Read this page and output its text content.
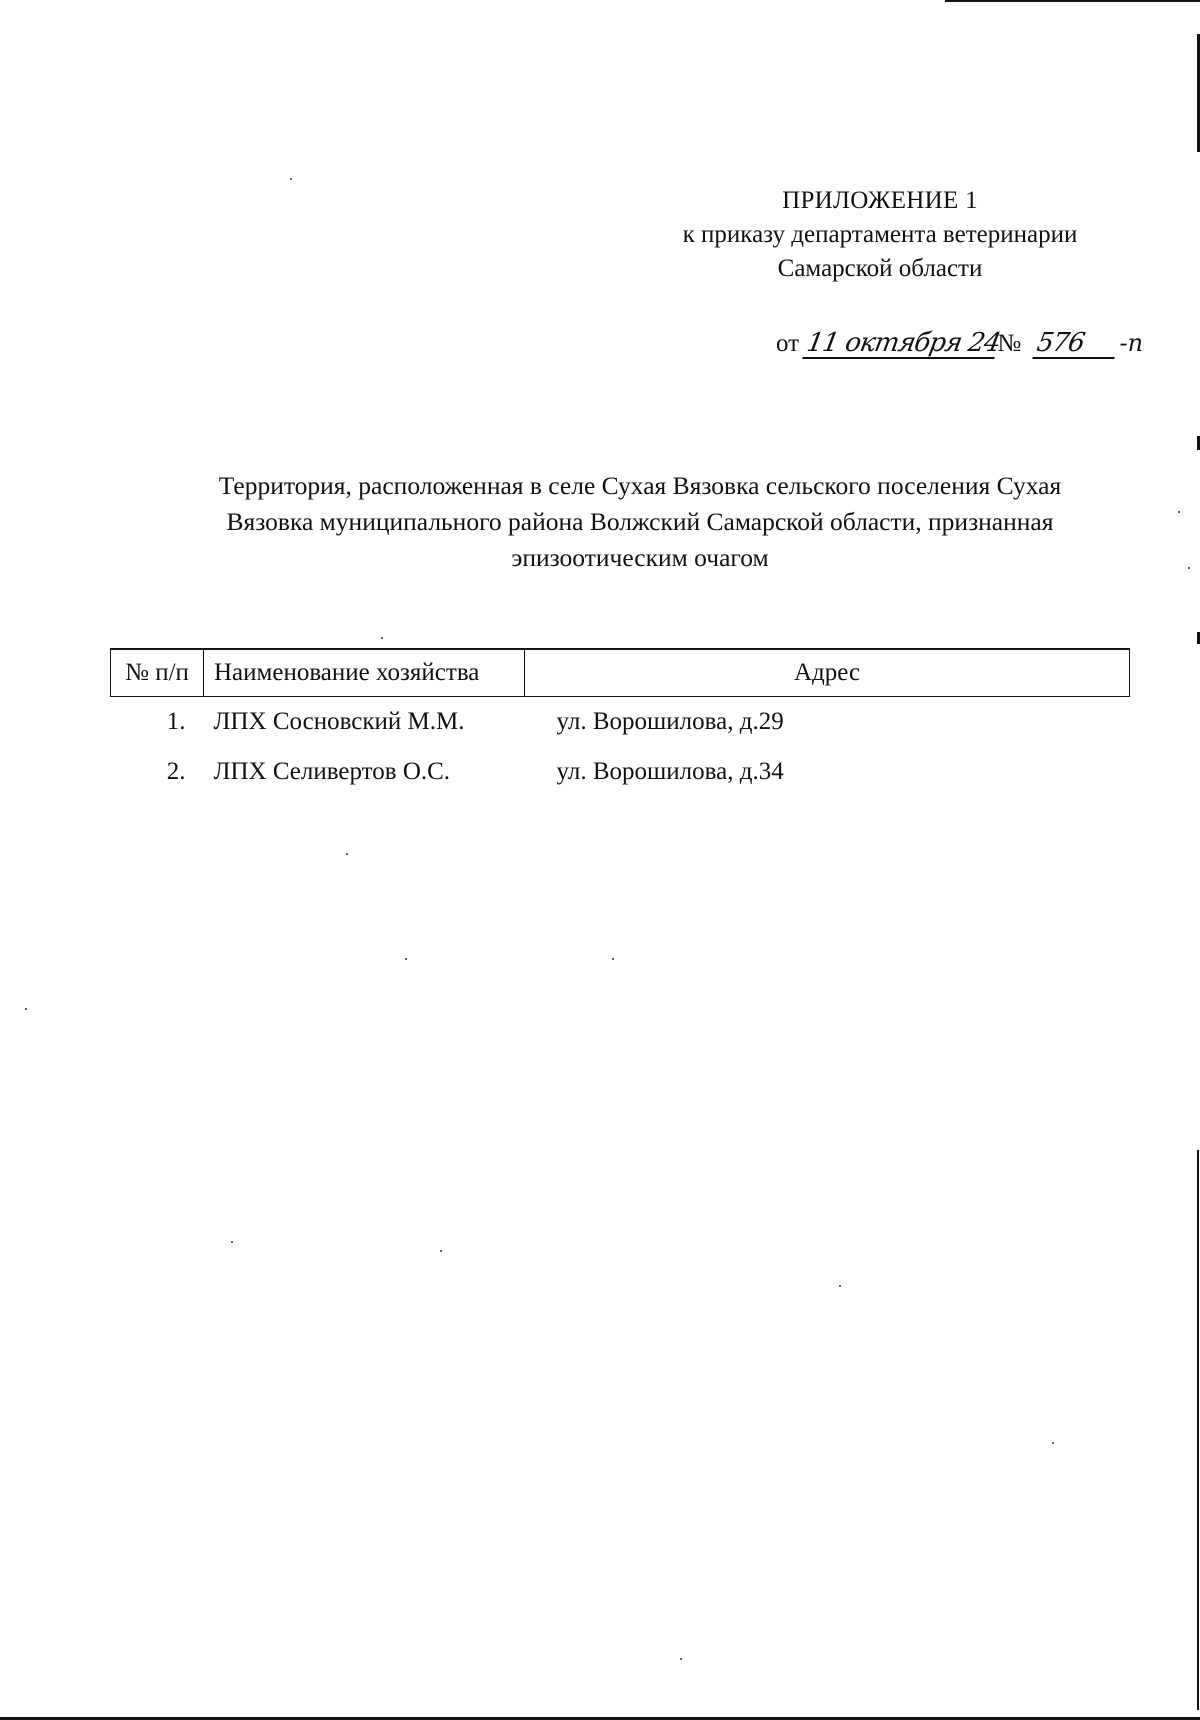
ПРИЛОЖЕНИЕ 1
к приказу департамента ветеринарии
Самарской области
от 11 октября 24№ 576 -п
Территория, расположенная в селе Сухая Вязовка сельского поселения Сухая
Вязовка муниципального района Волжский Самарской области, признанная
эпизоотическим очагом
№ п/п	Наименование хозяйства	Адрес
1.	ЛПХ Сосновский М.М.	ул. Ворошилова, д.29
2.	ЛПХ Селивертов О.С.	ул. Ворошилова, д.34
